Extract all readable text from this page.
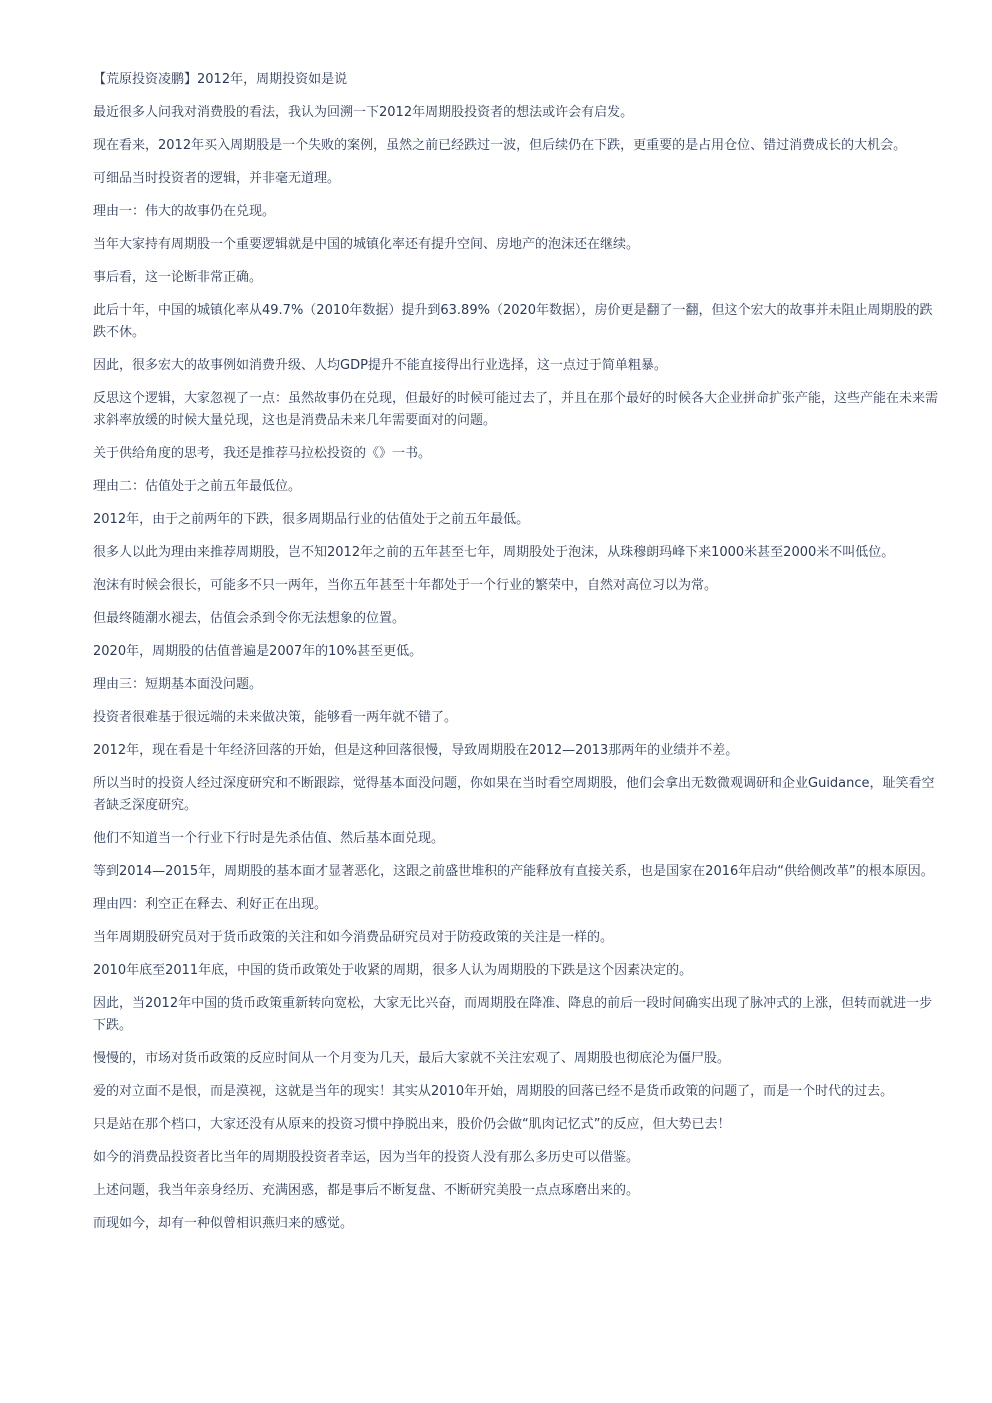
【荒原投资凌鹏】2012年，周期投资如是说

最近很多人问我对消费股的看法，我认为回溯一下2012年周期股投资者的想法或许会有启发。

现在看来，2012年买入周期股是一个失败的案例，虽然之前已经跌过一波，但后续仍在下跌，更重要的是占用仓位、错过消费成长的大机会。

可细品当时投资者的逻辑，并非毫无道理。

理由一：伟大的故事仍在兑现。

当年大家持有周期股一个重要逻辑就是中国的城镇化率还有提升空间、房地产的泡沫还在继续。

事后看，这一论断非常正确。

此后十年，中国的城镇化率从49.7%（2010年数据）提升到63.89%（2020年数据），房价更是翻了一翻，但这个宏大的故事并未阻止周期股的跌跌不休。

因此，很多宏大的故事例如消费升级、人均GDP提升不能直接得出行业选择，这一点过于简单粗暴。

反思这个逻辑，大家忽视了一点：虽然故事仍在兑现，但最好的时候可能过去了，并且在那个最好的时候各大企业拼命扩张产能，这些产能在未来需求斜率放缓的时候大量兑现，这也是消费品未来几年需要面对的问题。

关于供给角度的思考，我还是推荐马拉松投资的《》一书。

理由二：估值处于之前五年最低位。

2012年，由于之前两年的下跌，很多周期品行业的估值处于之前五年最低。

很多人以此为理由来推荐周期股，岂不知2012年之前的五年甚至七年，周期股处于泡沫，从珠穆朗玛峰下来1000米甚至2000米不叫低位。

泡沫有时候会很长，可能多不只一两年，当你五年甚至十年都处于一个行业的繁荣中，自然对高位习以为常。

但最终随潮水褪去，估值会杀到令你无法想象的位置。

2020年，周期股的估值普遍是2007年的10%甚至更低。

理由三：短期基本面没问题。

投资者很难基于很远端的未来做决策，能够看一两年就不错了。

2012年，现在看是十年经济回落的开始，但是这种回落很慢，导致周期股在2012—2013那两年的业绩并不差。

所以当时的投资人经过深度研究和不断跟踪，觉得基本面没问题，你如果在当时看空周期股，他们会拿出无数微观调研和企业Guidance，耻笑看空者缺乏深度研究。

他们不知道当一个行业下行时是先杀估值、然后基本面兑现。

等到2014—2015年，周期股的基本面才显著恶化，这跟之前盛世堆积的产能释放有直接关系，也是国家在2016年启动“供给侧改革”的根本原因。

理由四：利空正在释去、利好正在出现。

当年周期股研究员对于货币政策的关注和如今消费品研究员对于防疫政策的关注是一样的。

2010年底至2011年底，中国的货币政策处于收紧的周期，很多人认为周期股的下跌是这个因素决定的。

因此，当2012年中国的货币政策重新转向宽松，大家无比兴奋，而周期股在降准、降息的前后一段时间确实出现了脉冲式的上涨，但转而就进一步下跌。

慢慢的，市场对货币政策的反应时间从一个月变为几天，最后大家就不关注宏观了、周期股也彻底沦为僵尸股。

爱的对立面不是恨，而是漠视，这就是当年的现实！其实从2010年开始，周期股的回落已经不是货币政策的问题了，而是一个时代的过去。

只是站在那个档口，大家还没有从原来的投资习惯中挣脱出来，股价仍会做“肌肉记忆式”的反应，但大势已去！

如今的消费品投资者比当年的周期股投资者幸运，因为当年的投资人没有那么多历史可以借鉴。

上述问题，我当年亲身经历、充满困惑，都是事后不断复盘、不断研究美股一点点琢磨出来的。

而现如今，却有一种似曾相识燕归来的感觉。
